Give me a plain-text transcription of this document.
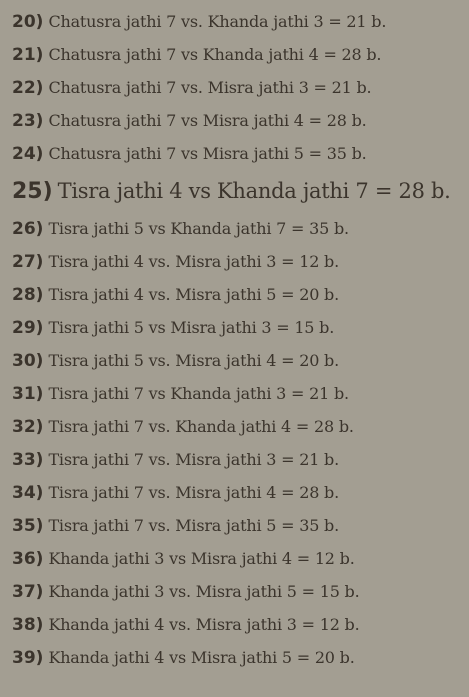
20) Chatusra jathi 7 vs. Khanda jathi 3 = 21 b.
21) Chatusra jathi 7 vs Khanda jathi 4 = 28 b.
22) Chatusra jathi 7 vs. Misra jathi 3 = 21 b.
23) Chatusra jathi 7 vs Misra jathi 4 = 28 b.
24) Chatusra jathi 7 vs Misra jathi 5 = 35 b.
25) Tisra jathi 4 vs Khanda jathi 7 = 28 b.
26) Tisra jathi 5 vs Khanda jathi 7 = 35 b.
27) Tisra jathi 4 vs. Misra jathi 3 = 12 b.
28) Tisra jathi 4 vs. Misra jathi 5 = 20 b.
29) Tisra jathi 5 vs Misra jathi 3 = 15 b.
30) Tisra jathi 5 vs. Misra jathi 4 = 20 b.
31) Tisra jathi 7 vs Khanda jathi 3 = 21 b.
32) Tisra jathi 7 vs. Khanda jathi 4 = 28 b.
33) Tisra jathi 7 vs. Misra jathi 3 = 21 b.
34) Tisra jathi 7 vs. Misra jathi 4 = 28 b.
35) Tisra jathi 7 vs. Misra jathi 5 = 35 b.
36) Khanda jathi 3 vs Misra jathi 4 = 12 b.
37) Khanda jathi 3 vs. Misra jathi 5 = 15 b.
38) Khanda jathi 4 vs. Misra jathi 3 = 12 b.
39) Khanda jathi 4 vs Misra jathi 5 = 20 b.
